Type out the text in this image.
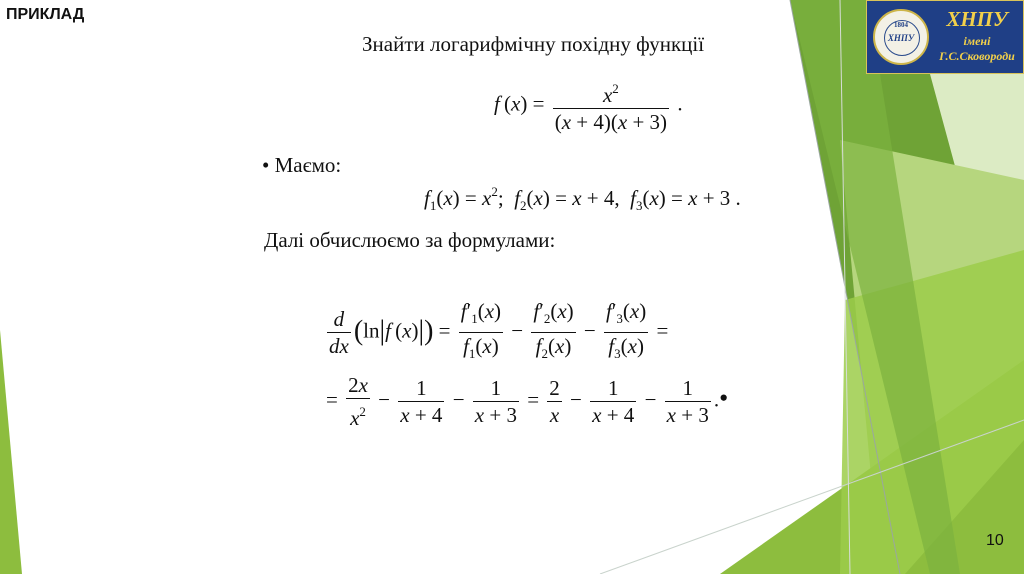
ПРИКЛАД
1804
ХНПУ
ХНПУ
імені
Г.С.Сковороди
Знайти логарифмічну похідну функції
f $(x) = \frac{x^2}{(x + 4)(x + 3)}$ .
• Маємо:
$f_1(x) = x^2$;  $f_2(x) = x + 4$,  $f_3(x) = x + 3$ .
Далі обчислюємо за формулами:
$\frac{d}{dx} (\ln|f$ $(x)|) = \frac{f'_1(x)}{f_1(x)} - \frac{f'_2(x)}{f_2(x)} - \frac{f'_3(x)}{f_3(x)}$ =
= $\frac{2x}{x^2} - \frac{1}{x + 4} - \frac{1}{x + 3} = \frac{2}{x} - \frac{1}{x + 4} - \frac{1}{x + 3}$ .•
10
